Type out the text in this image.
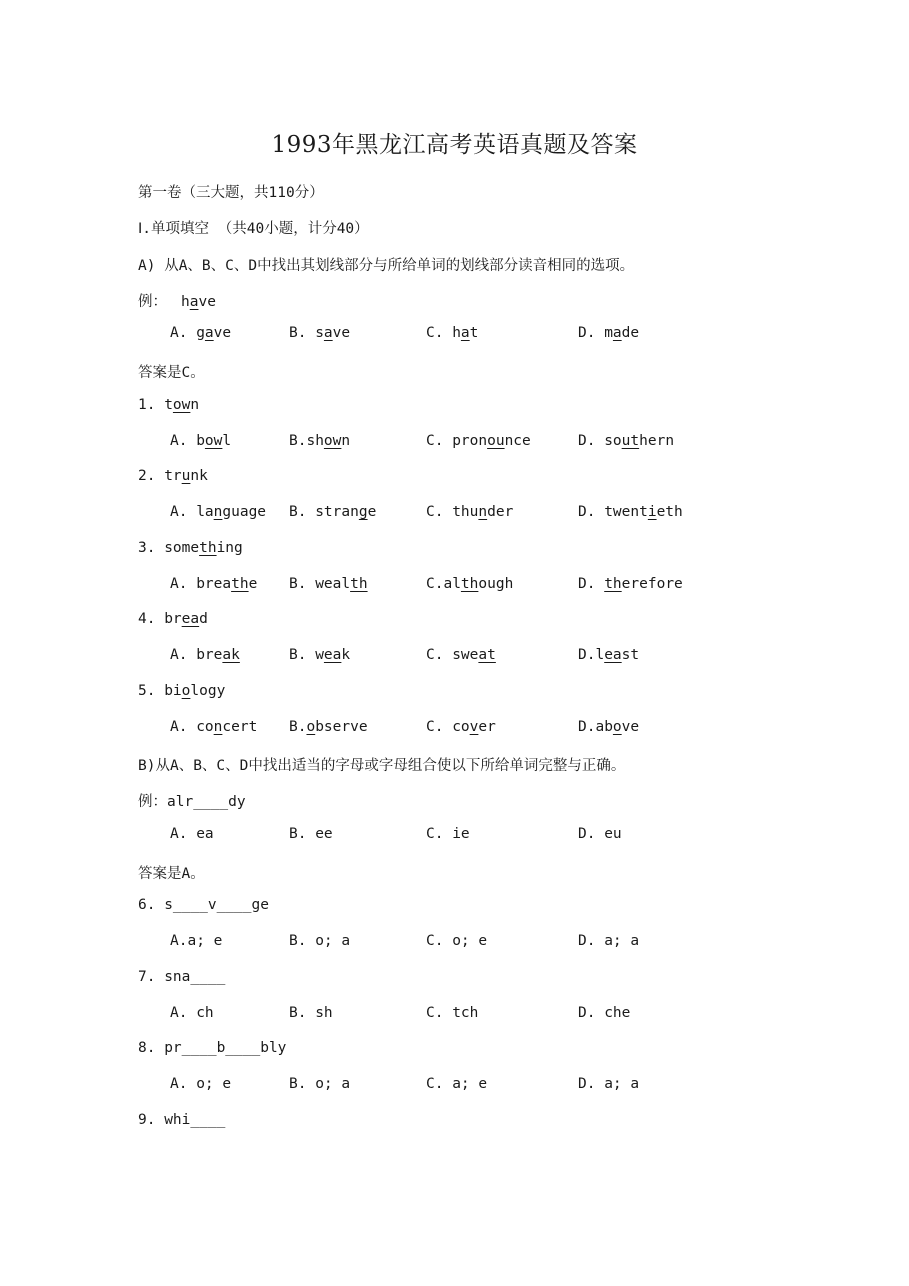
1993年黑龙江高考英语真题及答案
第一卷（三大题，共110分）
Ⅰ.单项填空 （共40小题，计分40）
A) 从A、B、C、D中找出其划线部分与所给单词的划线部分读音相同的选项。
例： have
A. gave	B. save	C. hat	D. made
答案是C。
1. town
A. bowl	B.shown	C. pronounce	D. southern
2. trunk
A. language B. strange	C. thunder	D. twentieth
3. something
A. breathe B. wealth	C.although	D. therefore
4. bread
A. break	B. weak	C. sweat	D.least
5. biology
A. concert B.observe	C. cover	D.above
B)从A、B、C、D中找出适当的字母或字母组合使以下所给单词完整与正确。
例：alr____dy
A. ea	B. ee	C. ie	D. eu
答案是A。
6. s____v____ge
A.a; e	B. o; a	C. o; e	D. a; a
7. sna____
A. ch	B. sh	C. tch	D. che
8. pr____b____bly
A. o; e	B. o; a	C. a; e	D. a; a
9. whi____
